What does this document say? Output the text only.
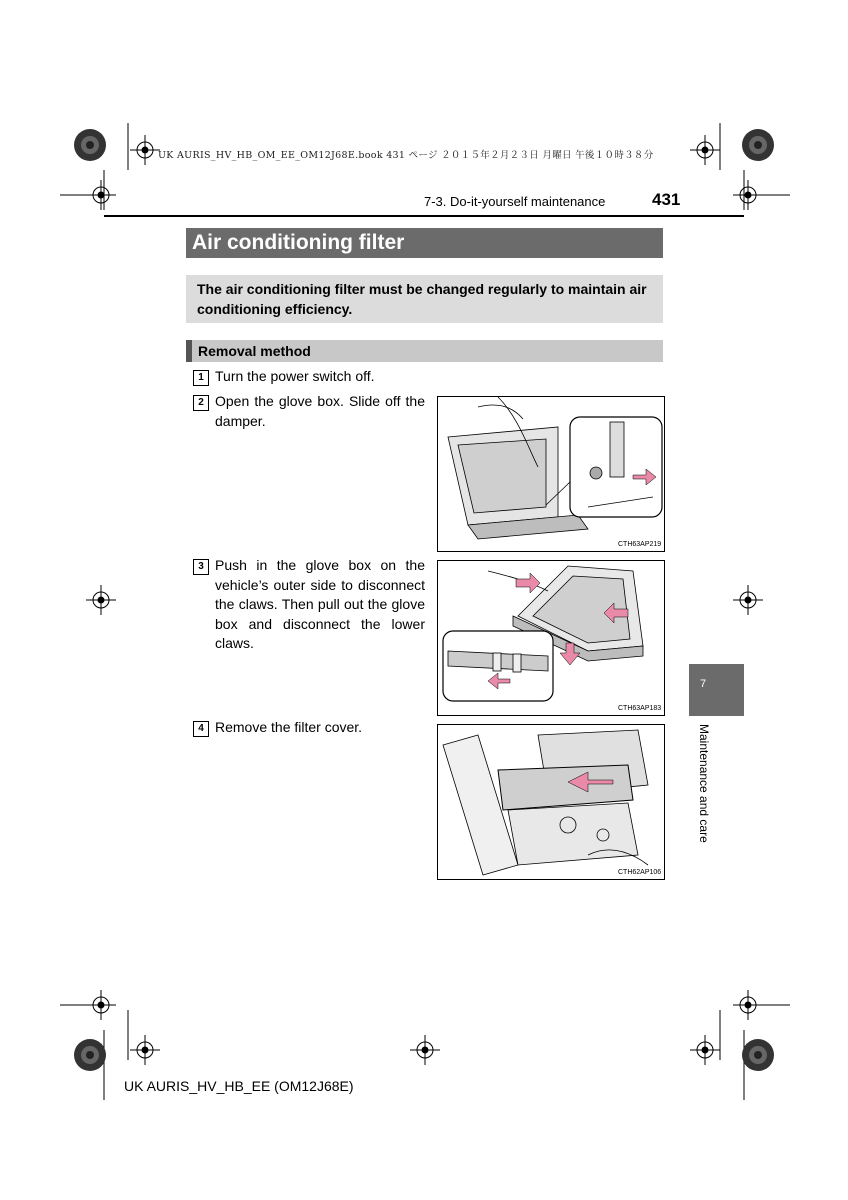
UK AURIS_HV_HB_OM_EE_OM12J68E.book 431 ページ ２０１５年２月２３日 月曜日 午後１０時３８分
7-3. Do-it-yourself maintenance	431
Air conditioning filter
The air conditioning filter must be changed regularly to maintain air conditioning efficiency.
Removal method
1 Turn the power switch off.
2 Open the glove box. Slide off the damper.
CTH63AP219
3 Push in the glove box on the vehicle’s outer side to disconnect the claws. Then pull out the glove box and disconnect the lower claws.
CTH63AP183
4 Remove the filter cover.
CTH62AP106
7
Maintenance and care
UK AURIS_HV_HB_EE (OM12J68E)
